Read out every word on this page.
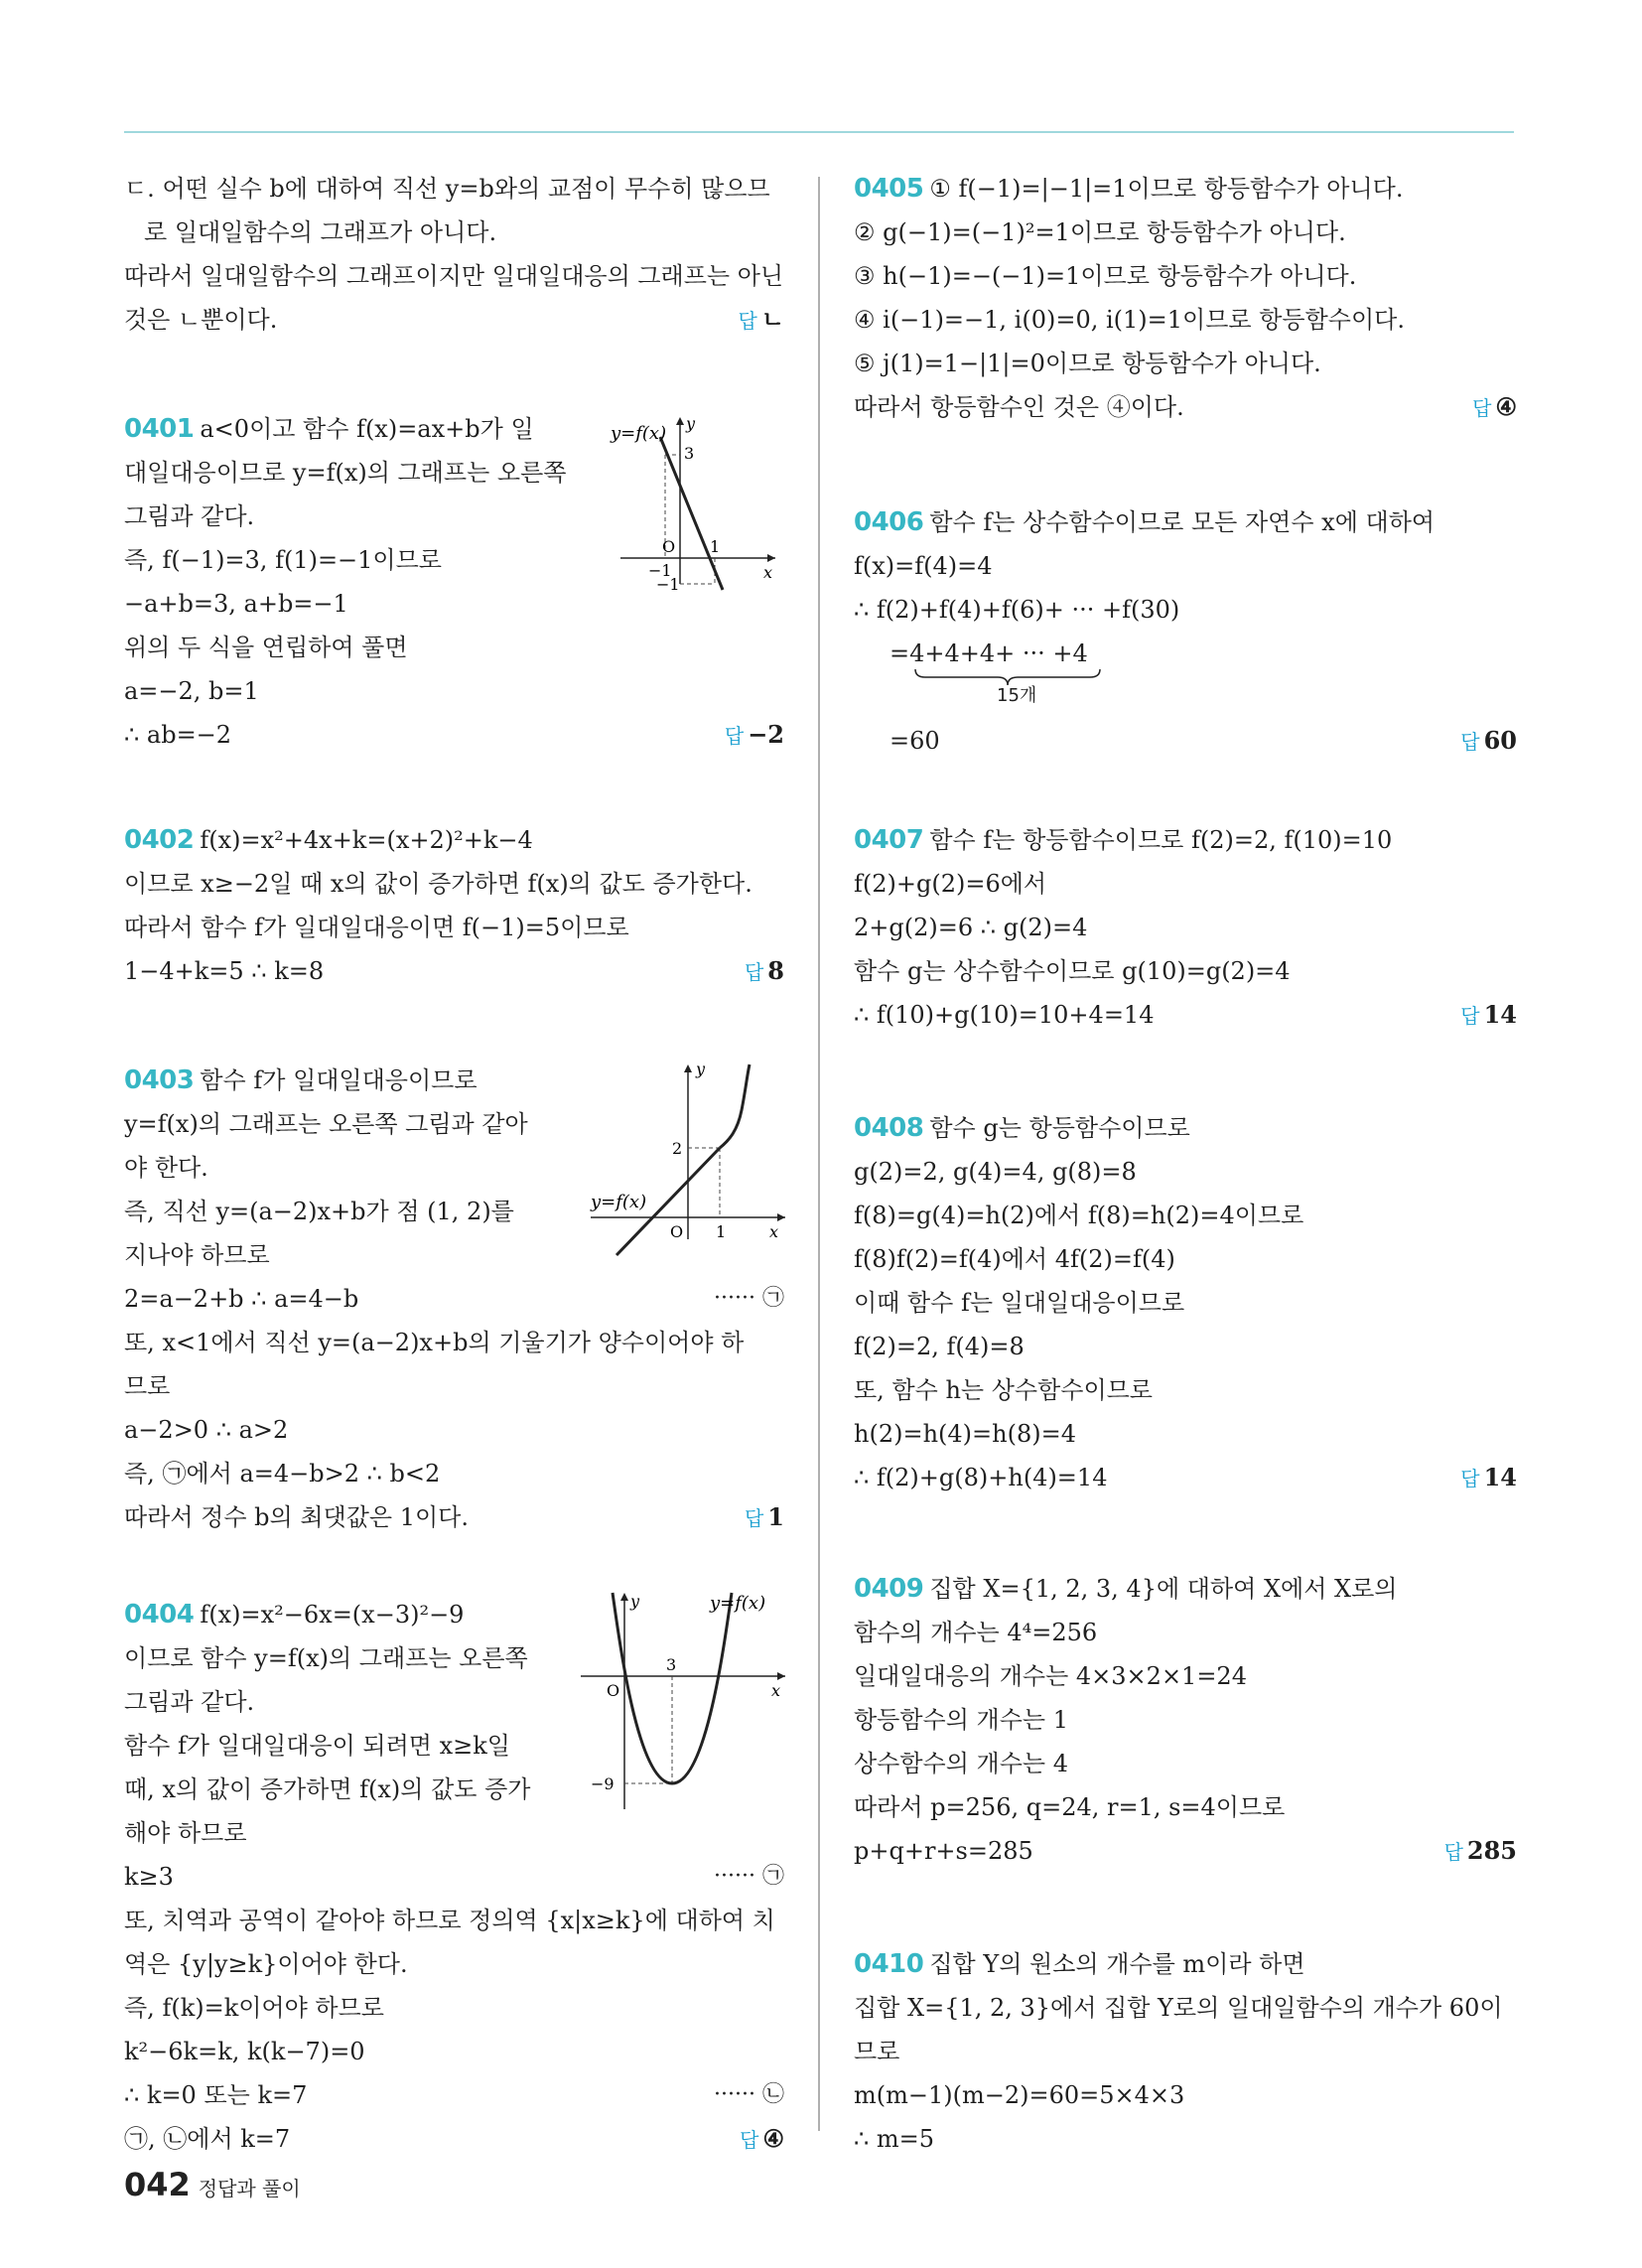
ㄷ. 어떤 실수 b에 대하여 직선 y=b와의 교점이 무수히 많으므
로 일대일함수의 그래프가 아니다.
따라서 일대일함수의 그래프이지만 일대일대응의 그래프는 아닌
것은 ㄴ뿐이다.	답 ㄴ
0401 a<0이고 함수 f(x)=ax+b가 일
대일대응이므로 y=f(x)의 그래프는 오른쪽
그림과 같다.
즉, f(−1)=3, f(1)=−1이므로
−a+b=3, a+b=−1
위의 두 식을 연립하여 풀면
a=−2, b=1
∴ ab=−2	답 −2
y=f(x) y
x
3
O 1
−1
−1
0402 f(x)=x²+4x+k=(x+2)²+k−4
이므로 x≥−2일 때 x의 값이 증가하면 f(x)의 값도 증가한다.
따라서 함수 f가 일대일대응이면 f(−1)=5이므로
1−4+k=5 ∴ k=8	답 8
0403 함수 f가 일대일대응이므로
y=f(x)의 그래프는 오른쪽 그림과 같아
야 한다.
즉, 직선 y=(a−2)x+b가 점 (1, 2)를
지나야 하므로
2=a−2+b ∴ a=4−b	······ ㉠
또, x<1에서 직선 y=(a−2)x+b의 기울기가 양수이어야 하
므로
a−2>0 ∴ a>2
즉, ㉠에서 a=4−b>2 ∴ b<2
따라서 정수 b의 최댓값은 1이다.	답 1
y
x
y=f(x)
2
O 1
0404 f(x)=x²−6x=(x−3)²−9
이므로 함수 y=f(x)의 그래프는 오른쪽
그림과 같다.
함수 f가 일대일대응이 되려면 x≥k일
때, x의 값이 증가하면 f(x)의 값도 증가
해야 하므로
k≥3	······ ㉠
또, 치역과 공역이 같아야 하므로 정의역 {x|x≥k}에 대하여 치
역은 {y|y≥k}이어야 한다.
즉, f(k)=k이어야 하므로
k²−6k=k, k(k−7)=0
∴ k=0 또는 k=7	······ ㉡
㉠, ㉡에서 k=7	답 ④
y
x
y=f(x)
O
3
−9
0405 ① f(−1)=|−1|=1이므로 항등함수가 아니다.
② g(−1)=(−1)²=1이므로 항등함수가 아니다.
③ h(−1)=−(−1)=1이므로 항등함수가 아니다.
④ i(−1)=−1, i(0)=0, i(1)=1이므로 항등함수이다.
⑤ j(1)=1−|1|=0이므로 항등함수가 아니다.
따라서 항등함수인 것은 ④이다.	답 ④
0406 함수 f는 상수함수이므로 모든 자연수 x에 대하여
f(x)=f(4)=4
∴ f(2)+f(4)+f(6)+ ··· +f(30)
=4+4+4+ ··· +4
15개
=60	답 60
0407 함수 f는 항등함수이므로 f(2)=2, f(10)=10
f(2)+g(2)=6에서
2+g(2)=6 ∴ g(2)=4
함수 g는 상수함수이므로 g(10)=g(2)=4
∴ f(10)+g(10)=10+4=14	답 14
0408 함수 g는 항등함수이므로
g(2)=2, g(4)=4, g(8)=8
f(8)=g(4)=h(2)에서 f(8)=h(2)=4이므로
f(8)f(2)=f(4)에서 4f(2)=f(4)
이때 함수 f는 일대일대응이므로
f(2)=2, f(4)=8
또, 함수 h는 상수함수이므로
h(2)=h(4)=h(8)=4
∴ f(2)+g(8)+h(4)=14	답 14
0409 집합 X={1, 2, 3, 4}에 대하여 X에서 X로의
함수의 개수는 4⁴=256
일대일대응의 개수는 4×3×2×1=24
항등함수의 개수는 1
상수함수의 개수는 4
따라서 p=256, q=24, r=1, s=4이므로
p+q+r+s=285	답 285
0410 집합 Y의 원소의 개수를 m이라 하면
집합 X={1, 2, 3}에서 집합 Y로의 일대일함수의 개수가 60이
므로
m(m−1)(m−2)=60=5×4×3
∴ m=5
042 정답과 풀이
